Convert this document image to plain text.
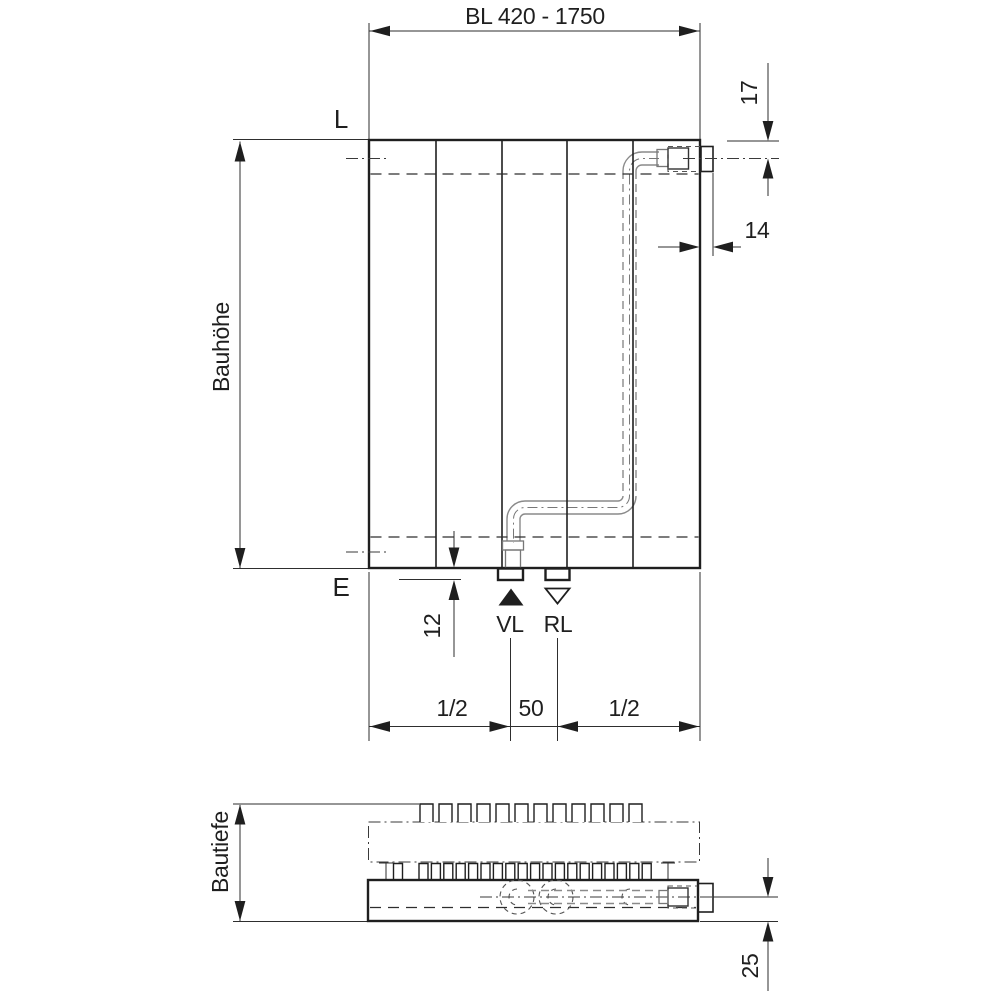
BL 420 - 1750
Bauhöhe
L
E
17
14
12 VL RL
1/2 50	1/2
Bautiefe
25
